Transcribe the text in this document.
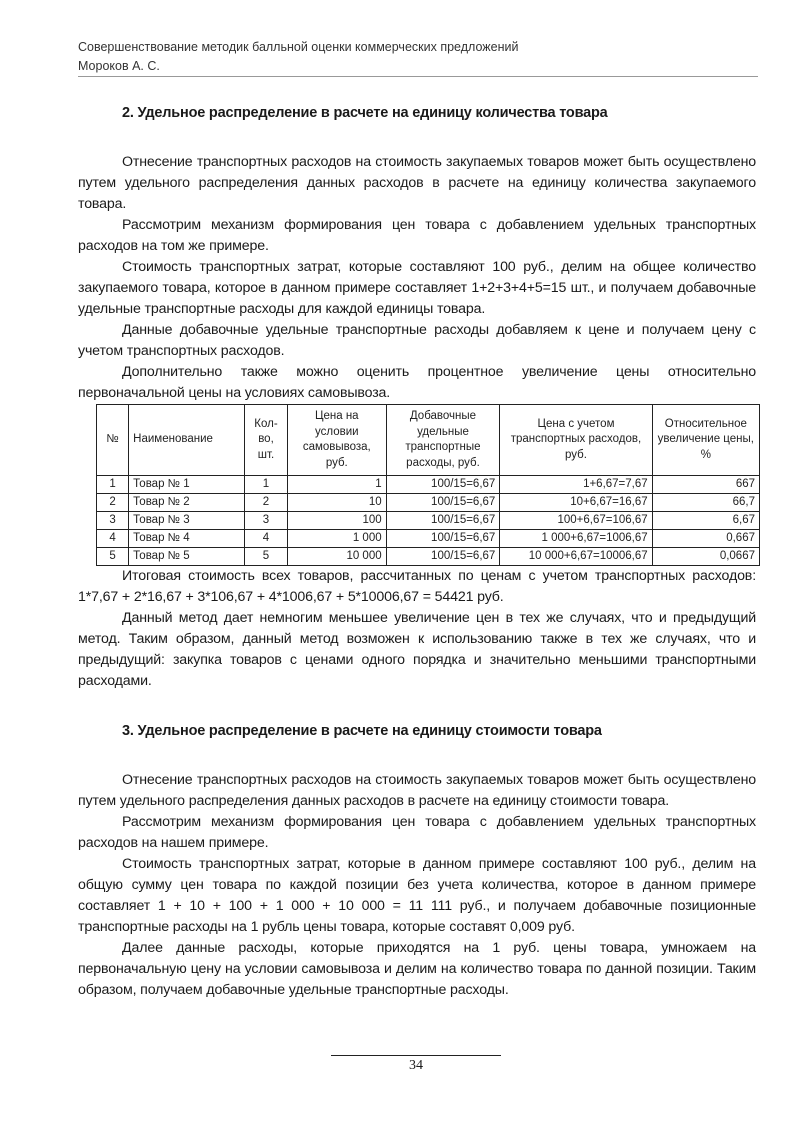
Совершенствование методик балльной оценки коммерческих предложений
Мороков А. С.
2. Удельное распределение в расчете на единицу количества товара

Отнесение транспортных расходов на стоимость закупаемых товаров может быть осуществлено путем удельного распределения данных расходов в расчете на единицу количества закупаемого товара.

Рассмотрим механизм формирования цен товара с добавлением удельных транспортных расходов на том же примере.

Стоимость транспортных затрат, которые составляют 100 руб., делим на общее количество закупаемого товара, которое в данном примере составляет 1+2+3+4+5=15 шт., и получаем добавочные удельные транспортные расходы для каждой единицы товара.

Данные добавочные удельные транспортные расходы добавляем к цене и получаем цену с учетом транспортных расходов.

Дополнительно также можно оценить процентное увеличение цены относительно первоначальной цены на условиях самовывоза.

№	Наименование	Кол-во, шт.	Цена на условии самовывоза, руб.	Добавочные удельные транспортные расходы, руб.	Цена с учетом транспортных расходов, руб.	Относительное увеличение цены, %
1	Товар № 1	1	1	100/15=6,67	1+6,67=7,67	667
2	Товар № 2	2	10	100/15=6,67	10+6,67=16,67	66,7
3	Товар № 3	3	100	100/15=6,67	100+6,67=106,67	6,67
4	Товар № 4	4	1 000	100/15=6,67	1 000+6,67=1006,67	0,667
5	Товар № 5	5	10 000	100/15=6,67	10 000+6,67=10006,67	0,0667

Итоговая стоимость всех товаров, рассчитанных по ценам с учетом транспортных расходов: 1*7,67 + 2*16,67 + 3*106,67 + 4*1006,67 + 5*10006,67 = 54421 руб.

Данный метод дает немногим меньшее увеличение цен в тех же случаях, что и предыдущий метод. Таким образом, данный метод возможен к использованию также в тех же случаях, что и предыдущий: закупка товаров с ценами одного порядка и значительно меньшими транспортными расходами.

3. Удельное распределение в расчете на единицу стоимости товара

Отнесение транспортных расходов на стоимость закупаемых товаров может быть осуществлено путем удельного распределения данных расходов в расчете на единицу стоимости товара.

Рассмотрим механизм формирования цен товара с добавлением удельных транспортных расходов на нашем примере.

Стоимость транспортных затрат, которые в данном примере составляют 100 руб., делим на общую сумму цен товара по каждой позиции без учета количества, которое в данном примере составляет 1 + 10 + 100 + 1 000 + 10 000 = 11 111 руб., и получаем добавочные позиционные транспортные расходы на 1 рубль цены товара, которые составят 0,009 руб.

Далее данные расходы, которые приходятся на 1 руб. цены товара, умножаем на первоначальную цену на условии самовывоза и делим на количество товара по данной позиции. Таким образом, получаем добавочные удельные транспортные расходы.

34
